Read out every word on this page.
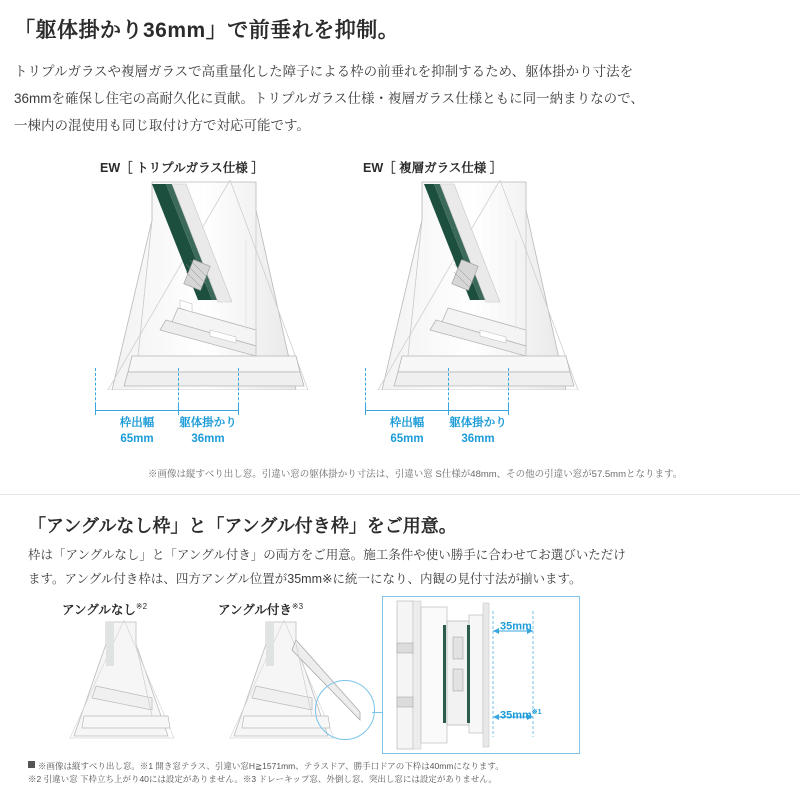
「躯体掛かり36mm」で前垂れを抑制。
トリプルガラスや複層ガラスで高重量化した障子による枠の前垂れを抑制するため、躯体掛かり寸法を36mmを確保し住宅の高耐久化に貢献。トリプルガラス仕様・複層ガラス仕様ともに同一納まりなので、一棟内の混使用も同じ取付け方で対応可能です。
EW［ トリプルガラス仕様 ］	EW［ 複層ガラス仕様 ］
枠出幅
65mm
躯体掛かり
36mm
枠出幅
65mm
躯体掛かり
36mm
※画像は縦すべり出し窓。引違い窓の躯体掛かり寸法は、引違い窓 S仕様が48mm、その他の引違い窓が57.5mmとなります。
「アングルなし枠」と「アングル付き枠」をご用意。
枠は「アングルなし」と「アングル付き」の両方をご用意。施工条件や使い勝手に合わせてお選びいただけます。アングル付き枠は、四方アングル位置が35mm※に統一になり、内観の見付寸法が揃います。
アングルなし$^{※2}$	アングル付き$^{※3}$
35mm
$35mm^{※1}$
※画像は縦すべり出し窓。※1 開き窓テラス、引違い窓H≧1571mm、テラスドア、勝手口ドアの下枠は40mmになります。
※2 引違い窓 下枠立ち上がり40には設定がありません。※3 ドレーキップ窓、外倒し窓、突出し窓には設定がありません。
